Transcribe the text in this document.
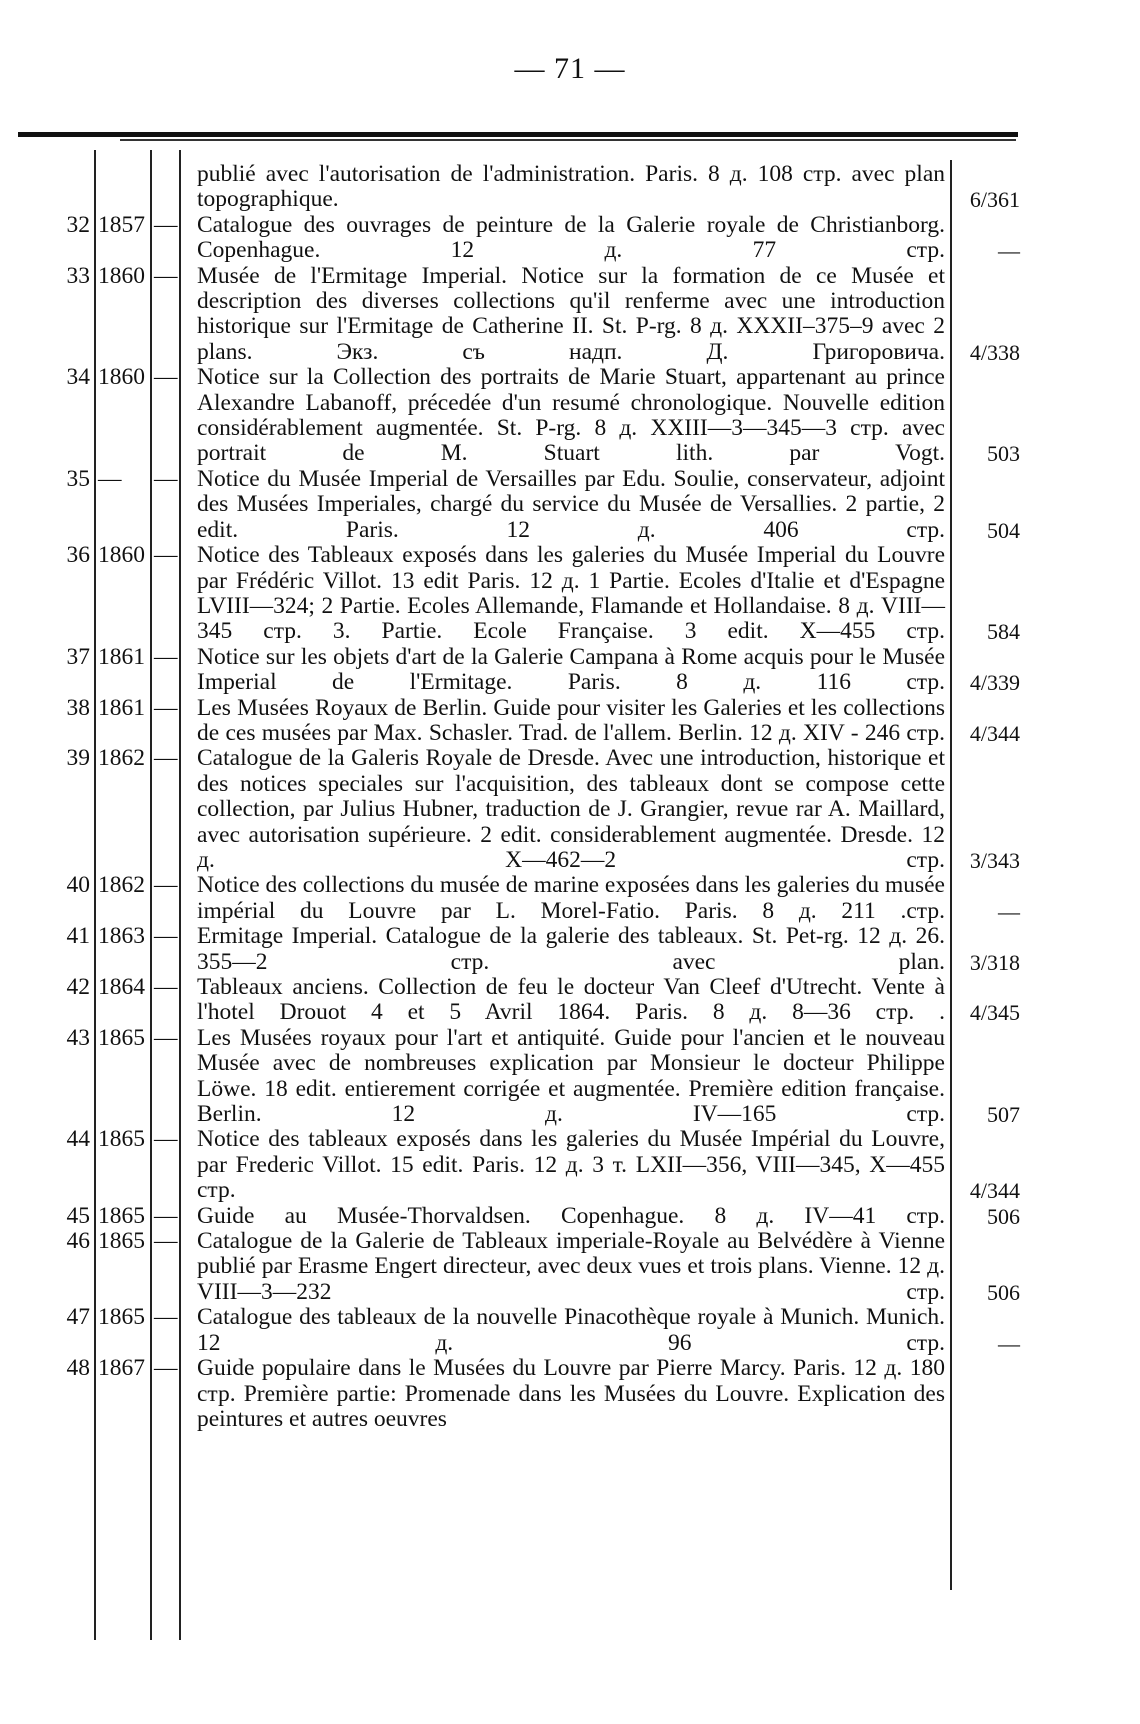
— 71 —
publié avec l'autorisation de l'administration. Paris. 8 д. 108 стр. avec plan topographique.	6/361
32 1857 — Catalogue des ouvrages de peinture de la Galerie royale de Christianborg. Copenhague. 12 д. 77 стр.	—
33 1860 — Musée de l'Ermitage Imperial. Notice sur la formation de ce Musée et description des diverses collections qu'il renferme avec une introduction historique sur l'Ermitage de Catherine II. St. P-rg. 8 д. XXXII–375–9 avec 2 plans. Экз. съ надп. Д. Григоровича.	4/338
34 1860 — Notice sur la Collection des portraits de Marie Stuart, appartenant au prince Alexandre Labanoff, précedée d'un resumé chronologique. Nouvelle edition considérablement augmentée. St. P-rg. 8 д. XXIII—3—345—3 стр. avec portrait de M. Stuart lith. par Vogt.	503
35 —	— Notice du Musée Imperial de Versailles par Edu. Soulie, conservateur, adjoint des Musées Imperiales, chargé du service du Musée de Versallies. 2 partie, 2 edit. Paris. 12 д. 406 стр.	504
36 1860 — Notice des Tableaux exposés dans les galeries du Musée Imperial du Louvre par Frédéric Villot. 13 edit Paris. 12 д. 1 Partie. Ecoles d'Italie et d'Espagne LVIII—324; 2 Partie. Ecoles Allemande, Flamande et Hollandaise. 8 д. VIII—345 стр. 3. Partie. Ecole Française. 3 edit. X—455 стр.	584
37 1861 — Notice sur les objets d'art de la Galerie Campana à Rome acquis pour le Musée Imperial de l'Ermitage. Paris. 8 д. 116 стр.	4/339
38 1861 — Les Musées Royaux de Berlin. Guide pour visiter les Galeries et les collections de ces musées par Max. Schasler. Trad. de l'allem. Berlin. 12 д. XIV - 246 стр.	4/344
39 1862 — Catalogue de la Galeris Royale de Dresde. Avec une introduction, historique et des notices speciales sur l'acquisition, des tableaux dont se compose cette collection, par Julius Hubner, traduction de J. Grangier, revue rar A. Maillard, avec autorisation supérieure. 2 edit. considerablement augmentée. Dresde. 12 д. X—462—2 стр.	3/343
40 1862 — Notice des collections du musée de marine exposées dans les galeries du musée impérial du Louvre par L. Morel-Fatio. Paris. 8 д. 211 .стр.	—
41 1863 — Ermitage Imperial. Catalogue de la galerie des tableaux. St. Pet-rg. 12 д. 26. 355—2 стр. avec plan.	3/318
42 1864 — Tableaux anciens. Collection de feu le docteur Van Cleef d'Utrecht. Vente à l'hotel Drouot 4 et 5 Avril 1864. Paris. 8 д. 8—36 стр. .	4/345
43 1865 — Les Musées royaux pour l'art et antiquité. Guide pour l'ancien et le nouveau Musée avec de nombreuses explication par Monsieur le docteur Philippe Löwe. 18 edit. entierement corrigée et augmentée. Première edition française. Berlin. 12 д. IV—165 стр.	507
44 1865 — Notice des tableaux exposés dans les galeries du Musée Impérial du Louvre, par Frederic Villot. 15 edit. Paris. 12 д. 3 т. LXII—356, VIII—345, X—455 стр.	4/344
45 1865 — Guide au Musée-Thorvaldsen. Copenhague. 8 д. IV—41 стр.	506
46 1865 — Catalogue de la Galerie de Tableaux imperiale-Royale au Belvédère à Vienne publié par Erasme Engert directeur, avec deux vues et trois plans. Vienne. 12 д. VIII—3—232 стр.	506
47 1865 — Catalogue des tableaux de la nouvelle Pinacothèque royale à Munich. Munich. 12 д. 96 стр.	—
48 1867 — Guide populaire dans le Musées du Louvre par Pierre Marcy. Paris. 12 д. 180 стр. Première partie: Promenade dans les Musées du Louvre. Explication des peintures et autres oeuvres
